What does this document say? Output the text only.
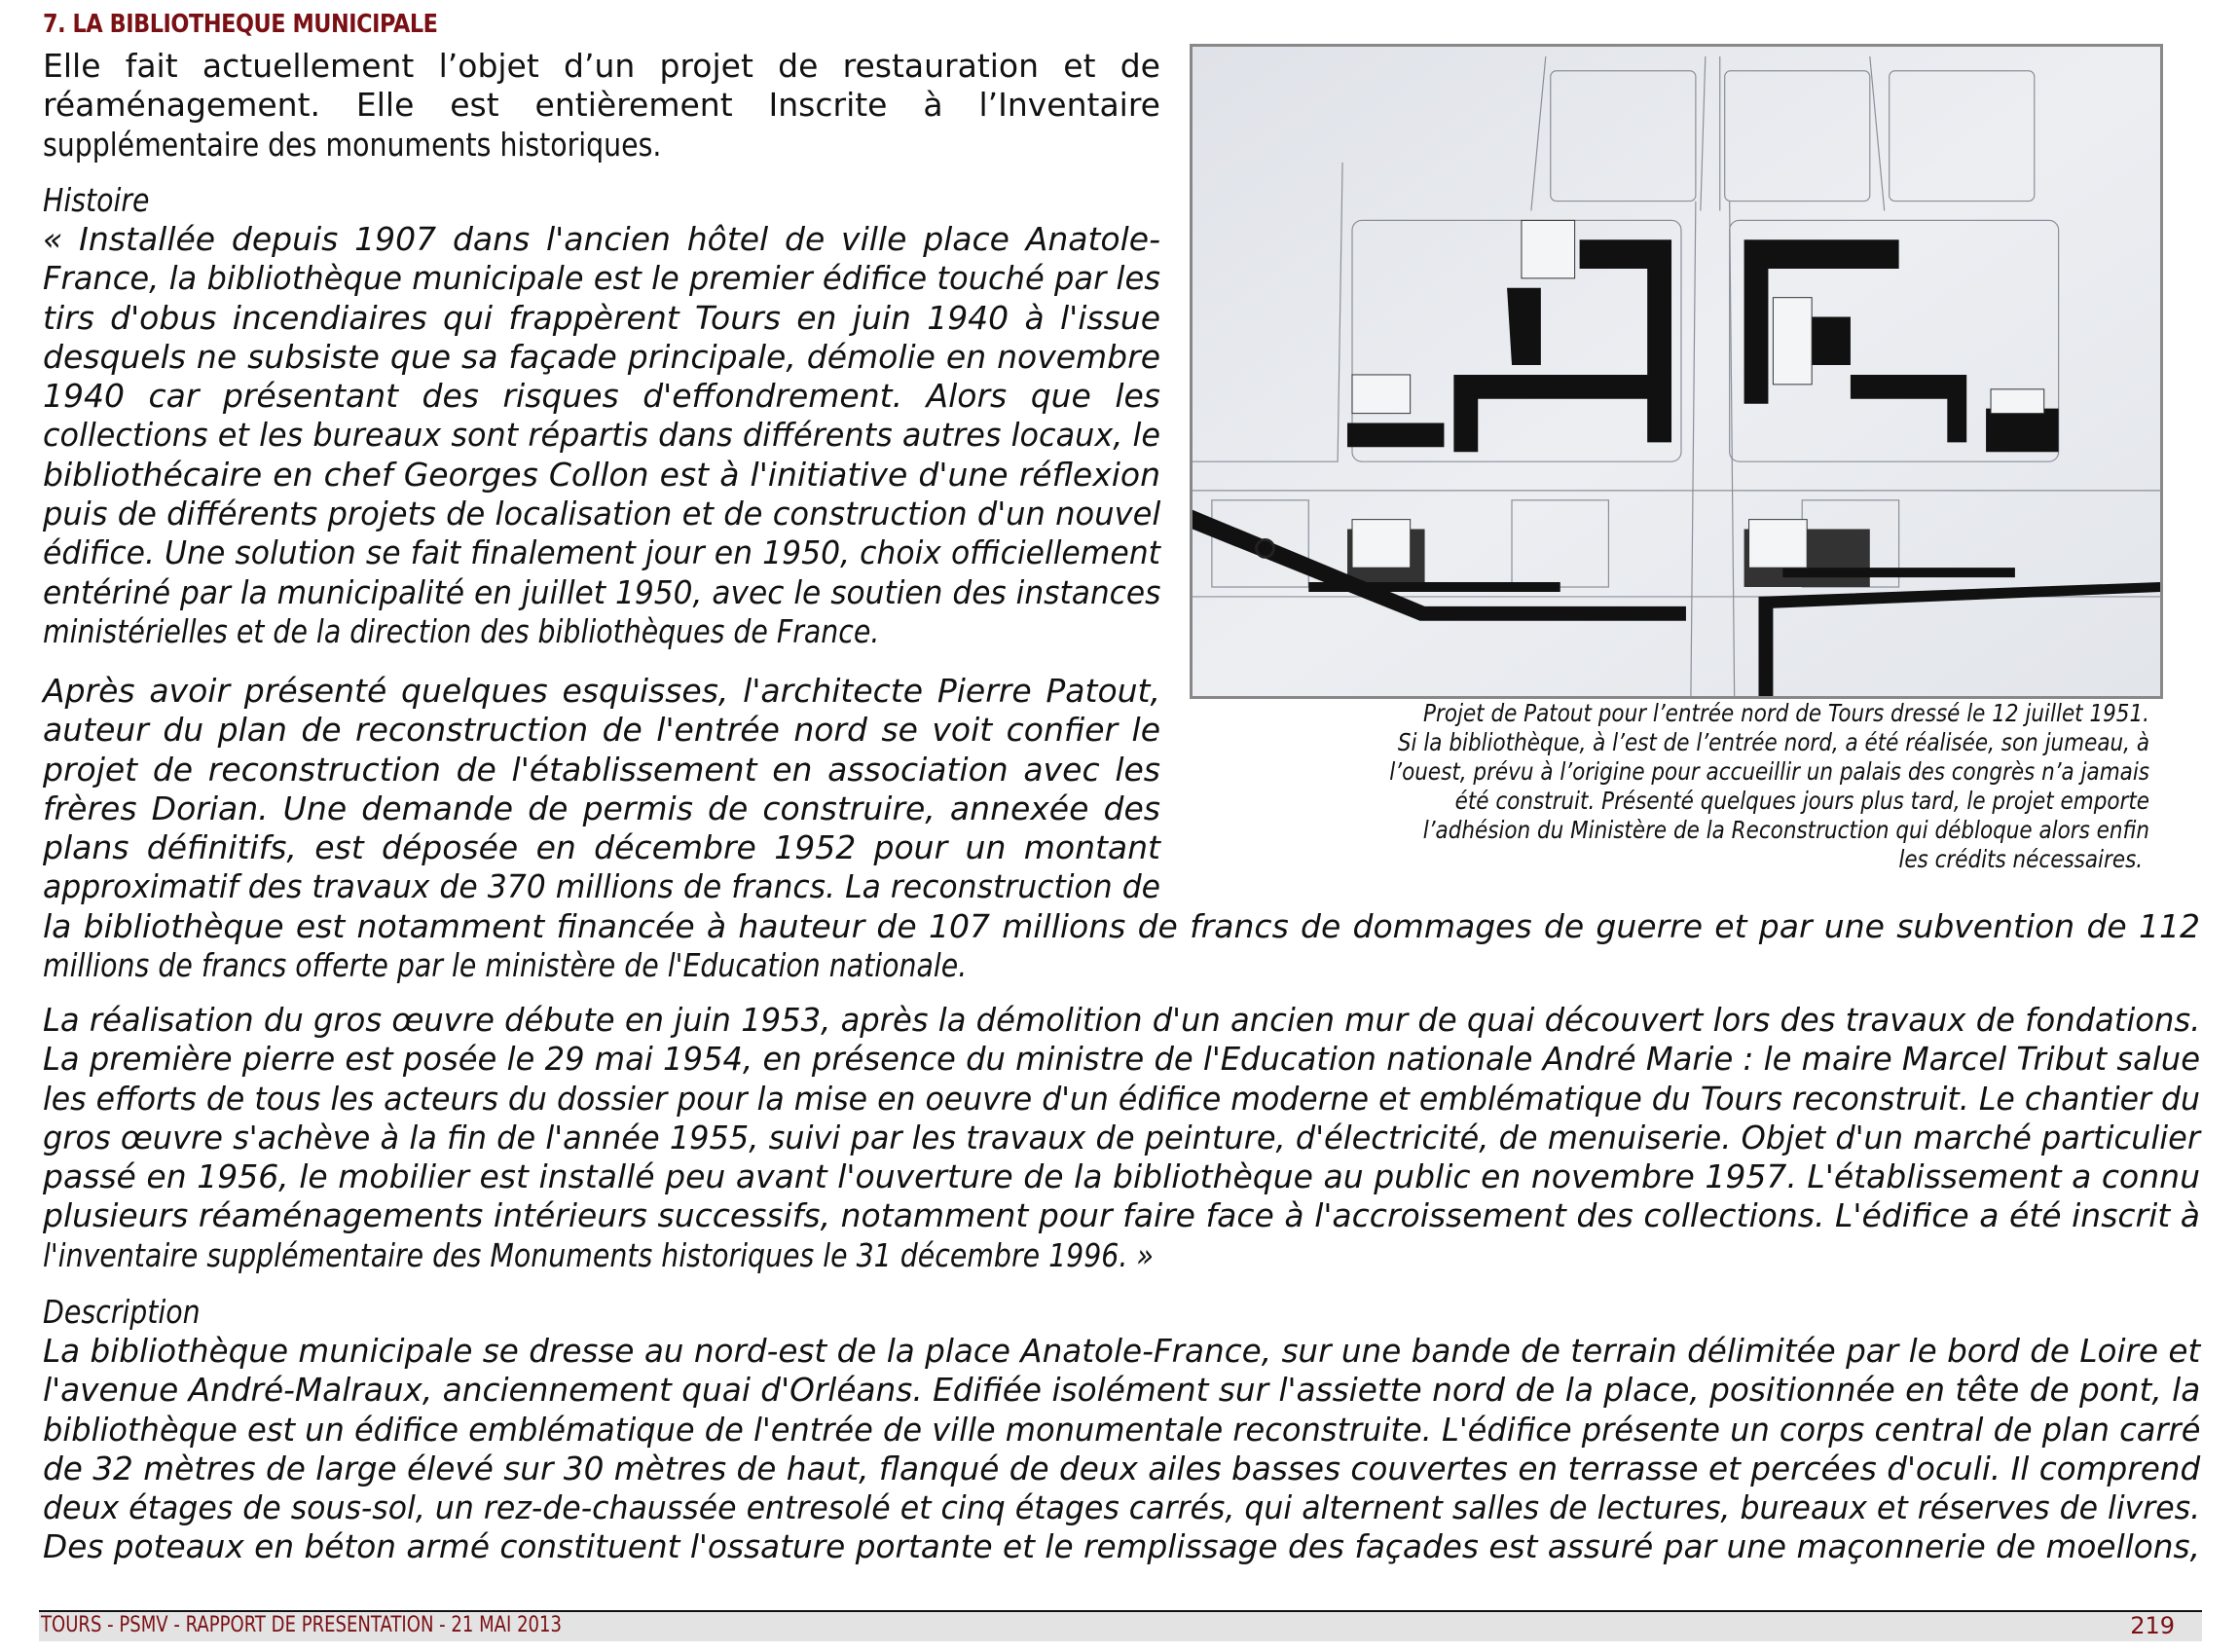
7. LA BIBLIOTHEQUE MUNICIPALE
Elle fait actuellement l’objet d’un projet de restauration et de
réaménagement. Elle est entièrement Inscrite à l’Inventaire
supplémentaire des monuments historiques.
Histoire
« Installée depuis 1907 dans l'ancien hôtel de ville place Anatole-
France, la bibliothèque municipale est le premier édifice touché par les
tirs d'obus incendiaires qui frappèrent Tours en juin 1940 à l'issue
desquels ne subsiste que sa façade principale, démolie en novembre
1940 car présentant des risques d'effondrement. Alors que les
collections et les bureaux sont répartis dans différents autres locaux, le
bibliothécaire en chef Georges Collon est à l'initiative d'une réflexion
puis de différents projets de localisation et de construction d'un nouvel
édifice. Une solution se fait finalement jour en 1950, choix officiellement
entériné par la municipalité en juillet 1950, avec le soutien des instances
ministérielles et de la direction des bibliothèques de France.
Après avoir présenté quelques esquisses, l'architecte Pierre Patout,
auteur du plan de reconstruction de l'entrée nord se voit confier le
projet de reconstruction de l'établissement en association avec les
frères Dorian. Une demande de permis de construire, annexée des
plans définitifs, est déposée en décembre 1952 pour un montant
approximatif des travaux de 370 millions de francs. La reconstruction de
la bibliothèque est notamment financée à hauteur de 107 millions de francs de dommages de guerre et par une subvention de 112
millions de francs offerte par le ministère de l'Education nationale.
La réalisation du gros œuvre débute en juin 1953, après la démolition d'un ancien mur de quai découvert lors des travaux de fondations.
La première pierre est posée le 29 mai 1954, en présence du ministre de l'Education nationale André Marie : le maire Marcel Tribut salue
les efforts de tous les acteurs du dossier pour la mise en oeuvre d'un édifice moderne et emblématique du Tours reconstruit. Le chantier du
gros œuvre s'achève à la fin de l'année 1955, suivi par les travaux de peinture, d'électricité, de menuiserie. Objet d'un marché particulier
passé en 1956, le mobilier est installé peu avant l'ouverture de la bibliothèque au public en novembre 1957. L'établissement a connu
plusieurs réaménagements intérieurs successifs, notamment pour faire face à l'accroissement des collections. L'édifice a été inscrit à
l'inventaire supplémentaire des Monuments historiques le 31 décembre 1996. »
Description
La bibliothèque municipale se dresse au nord-est de la place Anatole-France, sur une bande de terrain délimitée par le bord de Loire et
l'avenue André-Malraux, anciennement quai d'Orléans. Edifiée isolément sur l'assiette nord de la place, positionnée en tête de pont, la
bibliothèque est un édifice emblématique de l'entrée de ville monumentale reconstruite. L'édifice présente un corps central de plan carré
de 32 mètres de large élevé sur 30 mètres de haut, flanqué de deux ailes basses couvertes en terrasse et percées d'oculi. Il comprend
deux étages de sous-sol, un rez-de-chaussée entresolé et cinq étages carrés, qui alternent salles de lectures, bureaux et réserves de livres.
Des poteaux en béton armé constituent l'ossature portante et le remplissage des façades est assuré par une maçonnerie de moellons,
Projet de Patout pour l’entrée nord de Tours dressé le 12 juillet 1951.
Si la bibliothèque, à l’est de l’entrée nord, a été réalisée, son jumeau, à
l’ouest, prévu à l’origine pour accueillir un palais des congrès n’a jamais
été construit. Présenté quelques jours plus tard, le projet emporte
l’adhésion du Ministère de la Reconstruction qui débloque alors enfin
les crédits nécessaires.
TOURS - PSMV - RAPPORT DE PRESENTATION - 21 MAI 2013	219
